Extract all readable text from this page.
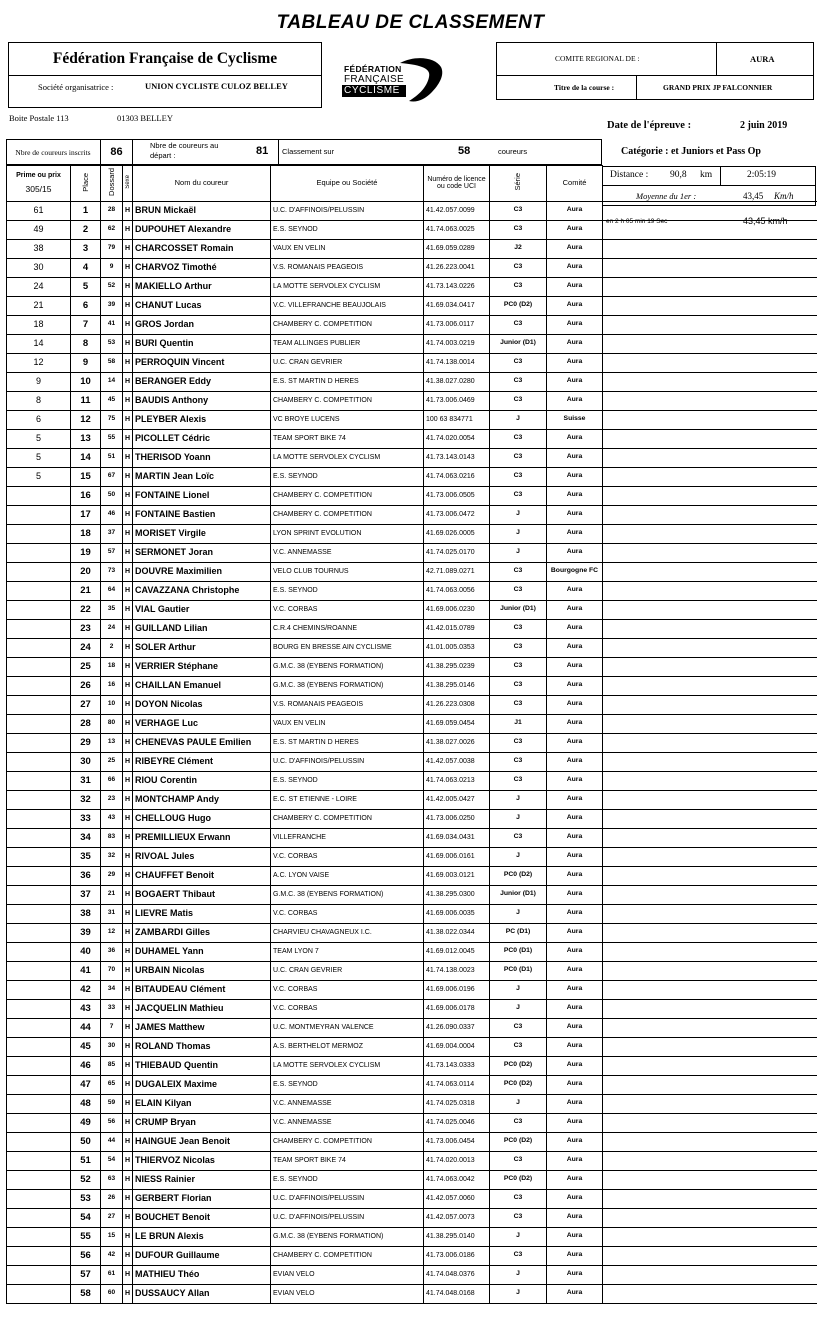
TABLEAU DE CLASSEMENT
Fédération Française de Cyclisme
Société organisatrice :	UNION CYCLISTE CULOZ BELLEY
FÉDÉRATION
FRANÇAISE
CYCLISME
COMITE REGIONAL DE :	AURA
Titre de la course :	GRAND PRIX JP FALCONNIER
Boite Postale 113	01303 BELLEY
Date de l'épreuve :	2 juin 2019
Nbre de coureurs inscrits	86
Nbre de coureurs au départ :	81 Classement sur	58	coureurs	Catégorie : et Juniors et Pass Op
Distance : 90,8 km	2:05:19
Moyenne du 1er :	43,45 Km/h
en 2 h 05 min 19 Sec	43,45 km/h

Prime ou prix
305/15	Place	Dossard	Sexe	Nom du coureur	Equipe ou Société	Numéro de licence ou code UCI	Série	Comité	
61	1	28	H	BRUN Mickaël	U.C. D'AFFINOIS/PELUSSIN	41.42.057.0099	C3	Aura	
49	2	62	H	DUPOUHET Alexandre	E.S. SEYNOD	41.74.063.0025	C3	Aura	
38	3	79	H	CHARCOSSET Romain	VAUX EN VELIN	41.69.059.0289	J2	Aura	
30	4	9	H	CHARVOZ Timothé	V.S. ROMANAIS PEAGEOIS	41.26.223.0041	C3	Aura	
24	5	52	H	MAKIELLO Arthur	LA MOTTE SERVOLEX CYCLISM	41.73.143.0226	C3	Aura	
21	6	39	H	CHANUT Lucas	V.C. VILLEFRANCHE BEAUJOLAIS	41.69.034.0417	PC0 (D2)	Aura	
18	7	41	H	GROS Jordan	CHAMBERY C. COMPETITION	41.73.006.0117	C3	Aura	
14	8	53	H	BURI Quentin	TEAM ALLINGES PUBLIER	41.74.003.0219	Junior (D1)	Aura	
12	9	58	H	PERROQUIN Vincent	U.C. CRAN GEVRIER	41.74.138.0014	C3	Aura	
9	10	14	H	BERANGER Eddy	E.S. ST MARTIN D HERES	41.38.027.0280	C3	Aura	
8	11	45	H	BAUDIS Anthony	CHAMBERY C. COMPETITION	41.73.006.0469	C3	Aura	
6	12	75	H	PLEYBER Alexis	VC BROYE LUCENS	100 63 834771	J	Suisse	
5	13	55	H	PICOLLET Cédric	TEAM SPORT BIKE 74	41.74.020.0054	C3	Aura	
5	14	51	H	THERISOD Yoann	LA MOTTE SERVOLEX CYCLISM	41.73.143.0143	C3	Aura	
5	15	67	H	MARTIN Jean Loïc	E.S. SEYNOD	41.74.063.0216	C3	Aura	
	16	50	H	FONTAINE Lionel	CHAMBERY C. COMPETITION	41.73.006.0505	C3	Aura	
	17	46	H	FONTAINE Bastien	CHAMBERY C. COMPETITION	41.73.006.0472	J	Aura	
	18	37	H	MORISET Virgile	LYON SPRINT EVOLUTION	41.69.026.0005	J	Aura	
	19	57	H	SERMONET Joran	V.C. ANNEMASSE	41.74.025.0170	J	Aura	
	20	73	H	DOUVRE Maximilien	VELO CLUB TOURNUS	42.71.089.0271	C3	Bourgogne FC	
	21	64	H	CAVAZZANA Christophe	E.S. SEYNOD	41.74.063.0056	C3	Aura	
	22	35	H	VIAL Gautier	V.C. CORBAS	41.69.006.0230	Junior (D1)	Aura	
	23	24	H	GUILLAND Lilian	C.R.4 CHEMINS/ROANNE	41.42.015.0789	C3	Aura	
	24	2	H	SOLER Arthur	BOURG EN BRESSE AIN CYCLISME	41.01.005.0353	C3	Aura	
	25	18	H	VERRIER Stéphane	G.M.C. 38 (EYBENS FORMATION)	41.38.295.0239	C3	Aura	
	26	16	H	CHAILLAN Emanuel	G.M.C. 38 (EYBENS FORMATION)	41.38.295.0146	C3	Aura	
	27	10	H	DOYON Nicolas	V.S. ROMANAIS PEAGEOIS	41.26.223.0308	C3	Aura	
	28	80	H	VERHAGE Luc	VAUX EN VELIN	41.69.059.0454	J1	Aura	
	29	13	H	CHENEVAS PAULE Emilien	E.S. ST MARTIN D HERES	41.38.027.0026	C3	Aura	
	30	25	H	RIBEYRE Clément	U.C. D'AFFINOIS/PELUSSIN	41.42.057.0038	C3	Aura	
	31	66	H	RIOU Corentin	E.S. SEYNOD	41.74.063.0213	C3	Aura	
	32	23	H	MONTCHAMP Andy	E.C. ST ETIENNE - LOIRE	41.42.005.0427	J	Aura	
	33	43	H	CHELLOUG Hugo	CHAMBERY C. COMPETITION	41.73.006.0250	J	Aura	
	34	83	H	PREMILLIEUX Erwann	VILLEFRANCHE	41.69.034.0431	C3	Aura	
	35	32	H	RIVOAL Jules	V.C. CORBAS	41.69.006.0161	J	Aura	
	36	29	H	CHAUFFET Benoit	A.C. LYON VAISE	41.69.003.0121	PC0 (D2)	Aura	
	37	21	H	BOGAERT Thibaut	G.M.C. 38 (EYBENS FORMATION)	41.38.295.0300	Junior (D1)	Aura	
	38	31	H	LIEVRE Matis	V.C. CORBAS	41.69.006.0035	J	Aura	
	39	12	H	ZAMBARDI Gilles	CHARVIEU CHAVAGNEUX I.C.	41.38.022.0344	PC (D1)	Aura	
	40	36	H	DUHAMEL Yann	TEAM LYON 7	41.69.012.0045	PC0 (D1)	Aura	
	41	70	H	URBAIN Nicolas	U.C. CRAN GEVRIER	41.74.138.0023	PC0 (D1)	Aura	
	42	34	H	BITAUDEAU Clément	V.C. CORBAS	41.69.006.0196	J	Aura	
	43	33	H	JACQUELIN Mathieu	V.C. CORBAS	41.69.006.0178	J	Aura	
	44	7	H	JAMES Matthew	U.C. MONTMEYRAN VALENCE	41.26.090.0337	C3	Aura	
	45	30	H	ROLAND Thomas	A.S. BERTHELOT MERMOZ	41.69.004.0004	C3	Aura	
	46	85	H	THIEBAUD Quentin	LA MOTTE SERVOLEX CYCLISM	41.73.143.0333	PC0 (D2)	Aura	
	47	65	H	DUGALEIX Maxime	E.S. SEYNOD	41.74.063.0114	PC0 (D2)	Aura	
	48	59	H	ELAIN Kilyan	V.C. ANNEMASSE	41.74.025.0318	J	Aura	
	49	56	H	CRUMP Bryan	V.C. ANNEMASSE	41.74.025.0046	C3	Aura	
	50	44	H	HAINGUE Jean Benoit	CHAMBERY C. COMPETITION	41.73.006.0454	PC0 (D2)	Aura	
	51	54	H	THIERVOZ Nicolas	TEAM SPORT BIKE 74	41.74.020.0013	C3	Aura	
	52	63	H	NIESS Rainier	E.S. SEYNOD	41.74.063.0042	PC0 (D2)	Aura	
	53	26	H	GERBERT Florian	U.C. D'AFFINOIS/PELUSSIN	41.42.057.0060	C3	Aura	
	54	27	H	BOUCHET Benoit	U.C. D'AFFINOIS/PELUSSIN	41.42.057.0073	C3	Aura	
	55	15	H	LE BRUN Alexis	G.M.C. 38 (EYBENS FORMATION)	41.38.295.0140	J	Aura	
	56	42	H	DUFOUR Guillaume	CHAMBERY C. COMPETITION	41.73.006.0186	C3	Aura	
	57	61	H	MATHIEU Théo	EVIAN VELO	41.74.048.0376	J	Aura	
	58	60	H	DUSSAUCY Allan	EVIAN VELO	41.74.048.0168	J	Aura	
